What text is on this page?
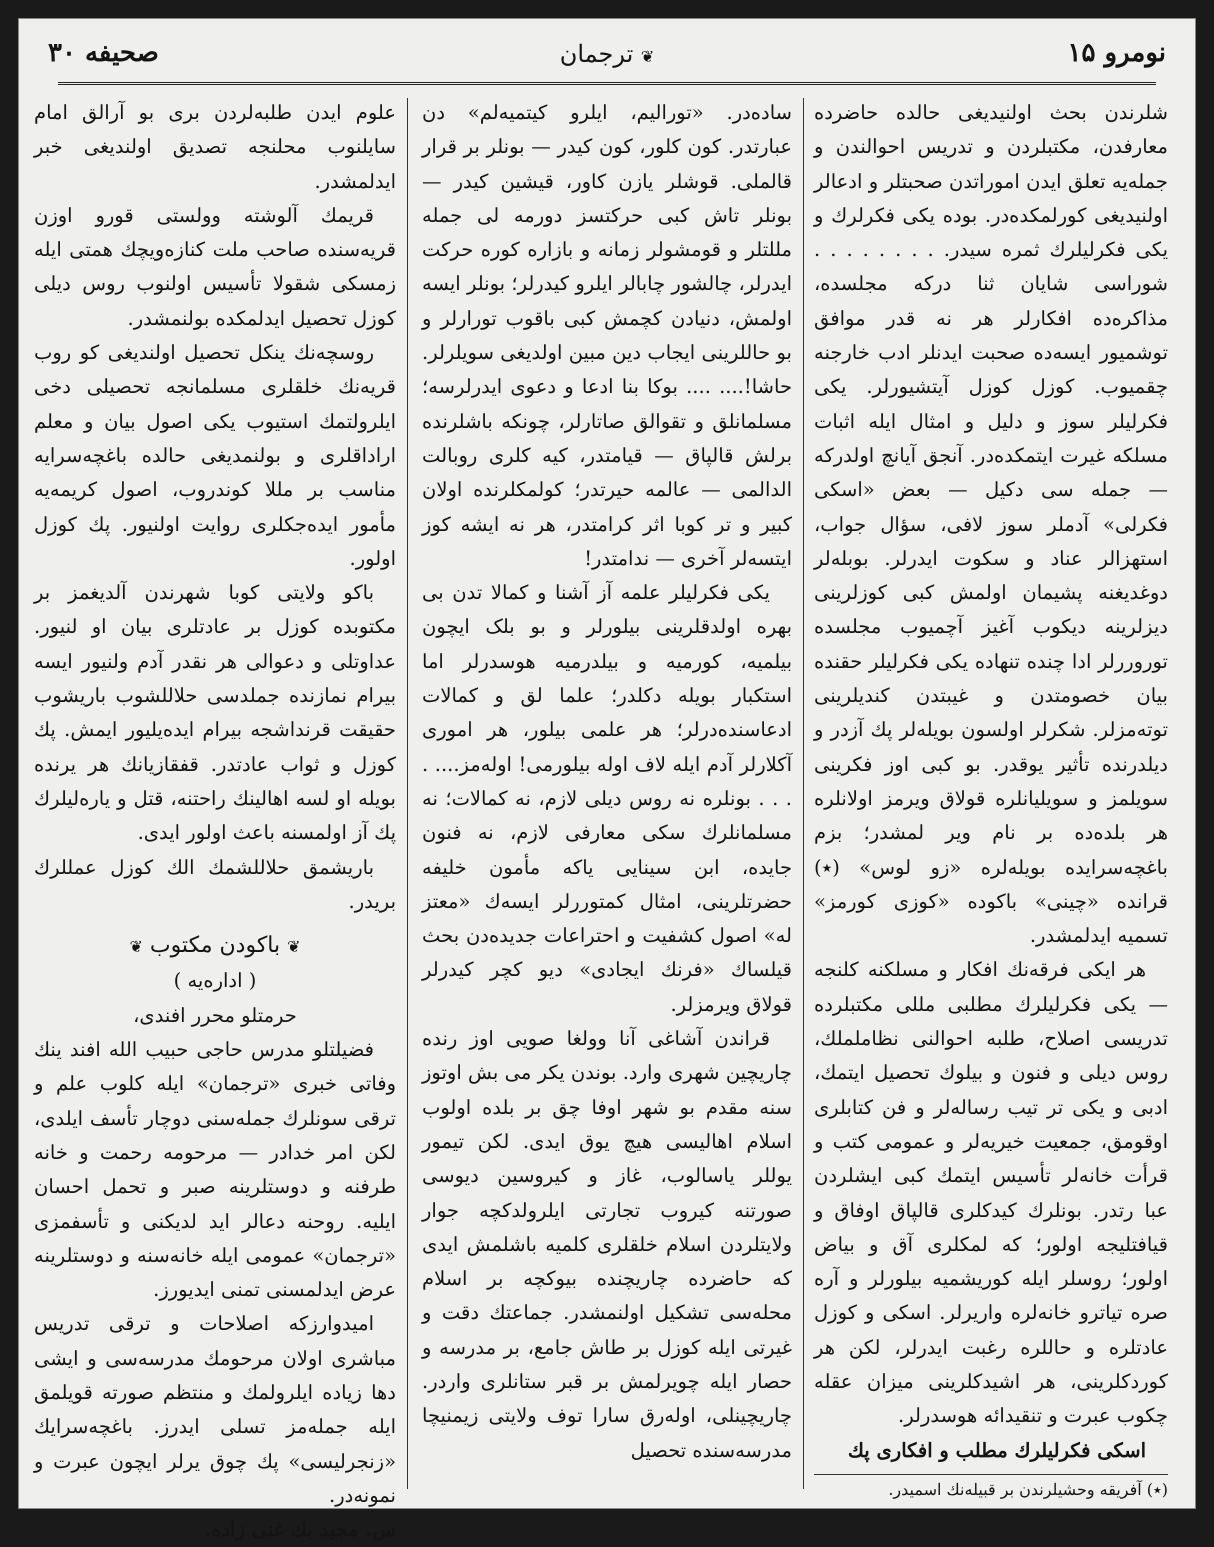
نومرو ۱۵
❦ ترجمان
صحیفه ۳۰

شلرندن بحث اولنیدیغی حالده حاضرده معارفدن، مکتبلردن و تدریس احوالندن و جمله‌یه تعلق ایدن اموراتدن صحبتلر و ادعالر اولنیدیغی کورلمکده‌در. بوده یکی فکرلرك و یکی فکرلیلرك ثمره سیدر. . . . . . . . . شوراسی شایان ثنا درکه مجلسده، مذاکره‌ده افکارلر هر نه قدر موافق توشمیور ایسه‌ده صحبت ایدنلر ادب خارجنه چقمیوب. کوزل کوزل آیتشیورلر. یکی فکرلیلر سوز و دلیل و امثال ایله اثبات مسلکه غیرت ایتمکده‌در. آنجق آیانچ اولدرکه — جمله سی دکیل — بعض «اسکی فکرلی» آدملر سوز لافی، سؤال جواب، استهزالر عناد و سکوت ایدرلر. بوبله‌لر دوغدیغنه پشیمان اولمش کبی کوزلرینی دیزلرینه دیکوب آغیز آچمیوب مجلسده توروررلر ادا چنده تنهاده یکی فکرلیلر حقنده بیان خصومتدن و غیبتدن کندیلرینی توته‌مزلر. شکرلر اولسون بویله‌لر پك آزدر و دیلدرنده تأثیر یوقدر. بو کبی اوز فکرینی سویلمز و سویلیانلره قولاق ویرمز اولانلره هر بلده‌ده بر نام ویر لمشدر؛ بزم باغچه‌سرایده بویله‌لره «زو لوس» (٭) قرانده «چینی» باکوده «کوزی کورمز» تسمیه ایدلمشدر.

هر ایکی فرقه‌نك افکار و مسلکنه کلنجه — یکی فکرلیلرك مطلبی مللی مکتبلرده تدریسی اصلاح، طلبه احوالنی نظاململك، روس دیلی و فنون و بیلوك تحصیل ایتمك، ادبی و یکی تر تیب رساله‌لر و فن کتابلری اوقومق، جمعیت خیریه‌لر و عمومی کتب و قرأت خانه‌لر تأسیس ایتمك کبی ایشلردن عبا رتدر. بونلرك کیدکلری قالپاق اوفاق و قیافتلیجه اولور؛ که لمکلری آق و بیاض اولور؛ روسلر ایله کوریشمیه بیلورلر و آره صره تیاترو خانه‌لره واریرلر. اسکی و کوزل عادتلره و حاللره رغبت ایدرلر، لکن هر کوردکلرینی، هر اشیدکلرینی میزان عقله چکوب عبرت و تنقیدائه هوسدرلر.

اسکی فکرلیلرك مطلب و افکاری پك

(٭) آفریقه وحشیلرندن بر قبیله‌نك اسمیدر.

ساده‌در. «تورالیم، ایلرو کیتمیه‌لم» دن عبارتدر. کون کلور، کون کیدر — بونلر بر قرار قالملی. قوشلر یازن کاور، قیشین کیدر — بونلر تاش کبی حرکتسز دورمه لی جمله مللتلر و قومشولر زمانه و بازاره کوره حرکت ایدرلر، چالشور چابالر ایلرو کیدرلر؛ بونلر ایسه اولمش، دنیادن کچمش کبی باقوب تورارلر و بو حاللرینی ایجاب دین مبین اولدیغی سویلرلر. حاشا!.... .... بوکا بنا ادعا و دعوی ایدرلرسه؛ مسلمانلق و تقوالق صاتارلر، چونکه باشلرنده برلش قالپاق — قیامتدر، کیه کلری روبالت الدالمی — عالمه حیرتدر؛ کولمکلرنده اولان کبیر و تر کوبا اثر کرامتدر، هر نه ایشه کوز ایتسه‌لر آخری — ندامتدر!

یکی فکرلیلر علمه آز آشنا و کمالا تدن بی بهره اولدقلرینی بیلورلر و بو بلک ایچون بیلمیه، کورمیه و بیلدرمیه هوسدرلر اما استکبار بویله دکلدر؛ علما لق و کمالات ادعاسنده‌درلر؛ هر علمی بیلور، هر اموری آکلارلر آدم ایله لاف اوله بیلورمی! اوله‌مز.... . . . . بونلره نه روس دیلی لازم، نه کمالات؛ نه مسلمانلرك سکی معارفی لازم، نه فنون جایده، ابن سینایی یاکه مأمون خلیفه حضرتلرینی، امثال کمتوررلر ایسه‌ك «معتز له» اصول کشفیت و احتراعات جدیده‌دن بحث قیلساك «فرنك ایجادی» دیو کچر کیدرلر قولاق ویرمزلر.

قراندن آشاغی آنا وولغا صویی اوز رنده چاریچین شهری وارد. بوندن یکر می بش اوتوز سنه مقدم بو شهر اوفا چق بر بلده اولوب اسلام اهالیسی هیچ یوق ایدی. لکن تیمور یوللر یاسالوب، غاز و کیروسین دیوسی صورتنه کیروب تجارتی ایلرولدکچه جوار ولایتلردن اسلام خلقلری کلمیه باشلمش ایدی که حاضرده چاریچنده بیوکچه بر اسلام محله‌سی تشکیل اولنمشدر. جماعتك دقت و غیرتی ایله کوزل بر طاش جامع، بر مدرسه و حصار ایله چویرلمش بر قبر ستانلری واردر. چاریچینلی، اوله‌رق سارا توف ولایتی زیمنیچا مدرسه‌سنده تحصیل

علوم ایدن طلبه‌لردن بری بو آرالق امام سایلنوب محلنجه تصدیق اولندیغی خبر ایدلمشدر.

قریمك آلوشته وولستی قورو اوزن قریه‌سنده صاحب ملت کنازه‌ویچك همتی ایله زمسکی شقولا تأسیس اولنوب روس دیلی کوزل تحصیل ایدلمکده بولنمشدر.

روسچه‌نك ینکل تحصیل اولندیغی کو روب قریه‌نك خلقلری مسلمانجه تحصیلی دخی ایلرولتمك استیوب یکی اصول بیان و معلم اراداقلری و بولنمدیغی حالده باغچه‌سرایه مناسب بر مللا کوندروب، اصول کریمه‌یه مأمور ایده‌جکلری روایت اولنیور. پك کوزل اولور.

باکو ولایتی کوبا شهرندن آلدیغمز بر مکتوبده کوزل بر عادتلری بیان او لنیور. عداوتلی و دعوالی هر نقدر آدم ولنیور ایسه بیرام نمازنده جملدسی حلاللشوب باریشوب حقیقت قرنداشجه بیرام ایده‌یلیور ایمش. پك کوزل و ثواب عادتدر. قفقازیانك هر یرنده بویله او لسه اهالینك راحتنه، قتل و یاره‌لیلرك پك آز اولمسنه باعث اولور ایدی.

باریشمق حلاللشمك الك کوزل عمللرك بریدر.

❦ باکودن مکتوب ❦

( اداره‌یه )

حرمتلو محرر افندی،

فضیلتلو مدرس حاجی حبیب الله افند ینك وفاتی خبری «ترجمان» ایله کلوب علم و ترقی سونلرك جمله‌سنی دوچار تأسف ایلدی، لکن امر خدادر — مرحومه رحمت و خانه طرفنه و دوستلرینه صبر و تحمل احسان ایلیه. روحنه دعالر اید لدیکنی و تأسفمزی «ترجمان» عمومی ایله خانه‌سنه و دوستلرینه عرض ایدلمسنی تمنی ایدیورز.

امیدوارزکه اصلاحات و ترقی تدریس مباشری اولان مرحومك مدرسه‌سی و ایشی دها زیاده ایلرولمك و منتظم صورته قویلمق ایله جمله‌مز تسلی ایدرز. باغچه‌سرایك «زنجرلیسی» پك چوق یرلر ایچون عبرت و نمونه‌در.

س. مجید بك غنی زاده.
